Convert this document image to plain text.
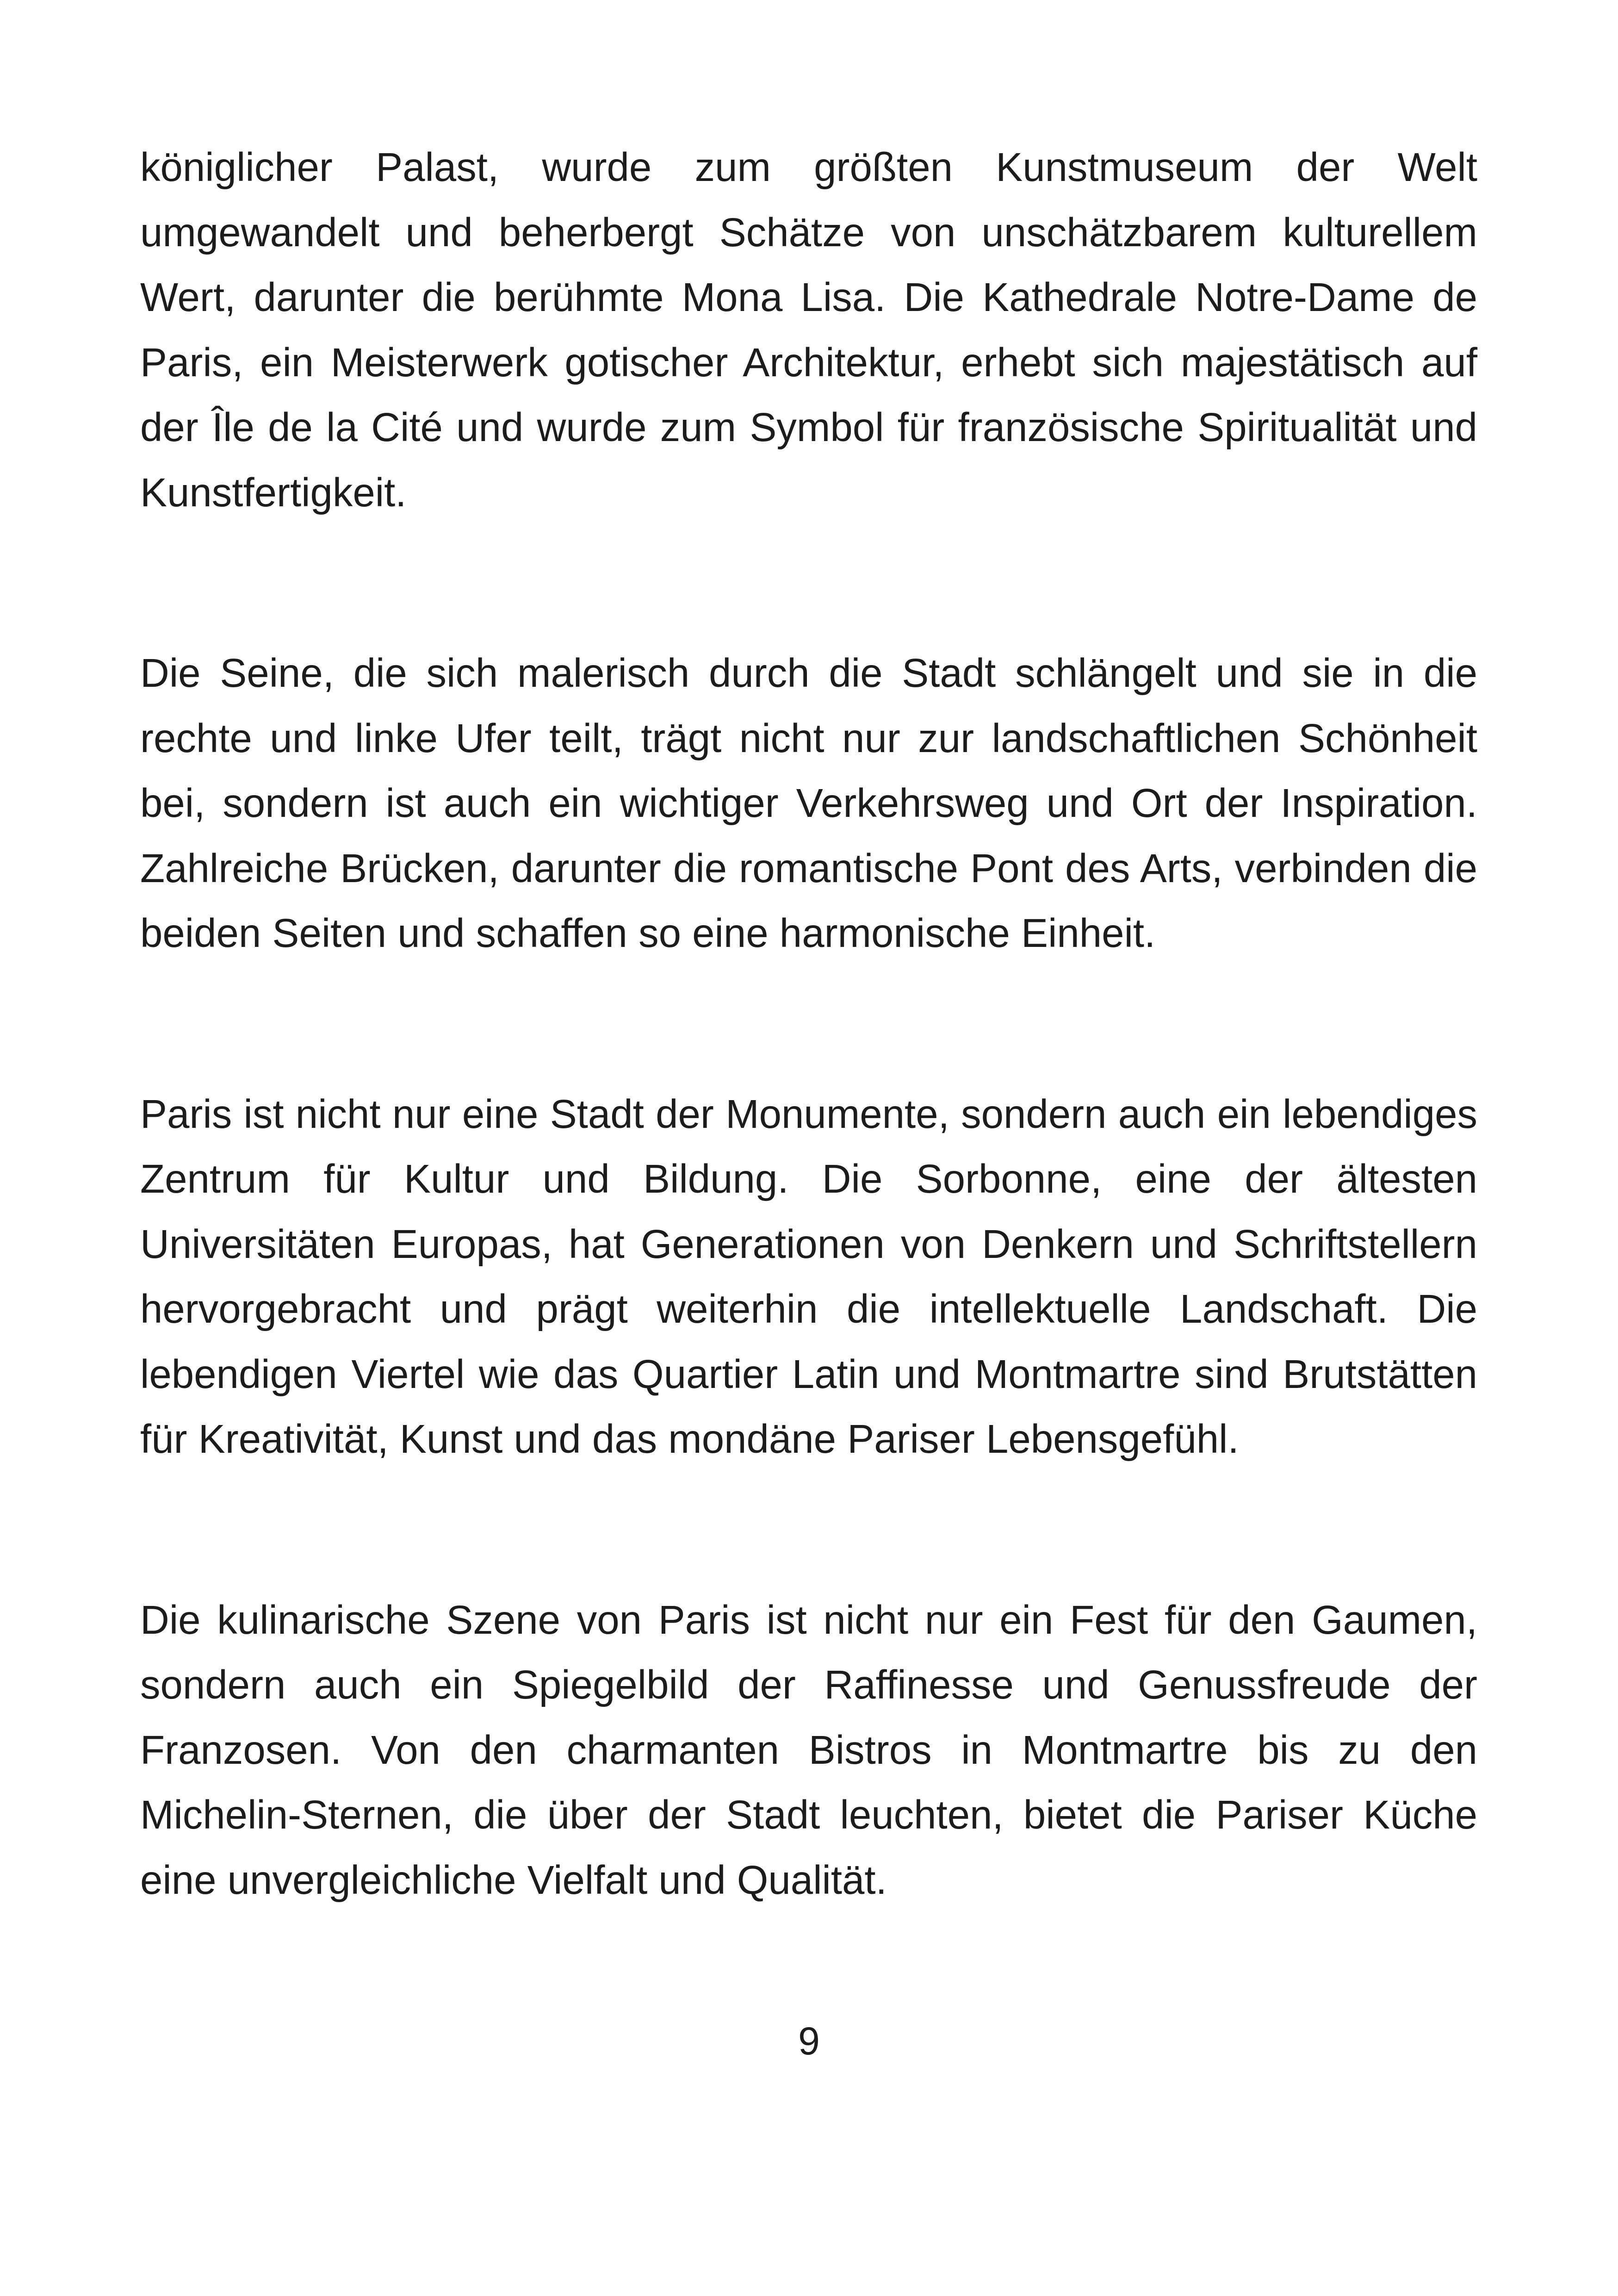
königlicher Palast, wurde zum größten Kunstmuseum der Welt umgewandelt und beherbergt Schätze von unschätzbarem kulturellem Wert, darunter die berühmte Mona Lisa. Die Kathedrale Notre-Dame de Paris, ein Meisterwerk gotischer Architektur, erhebt sich majestätisch auf der Île de la Cité und wurde zum Symbol für französische Spiritualität und Kunstfertigkeit.

Die Seine, die sich malerisch durch die Stadt schlängelt und sie in die rechte und linke Ufer teilt, trägt nicht nur zur landschaftlichen Schönheit bei, sondern ist auch ein wichtiger Verkehrsweg und Ort der Inspiration. Zahlreiche Brücken, darunter die romantische Pont des Arts, verbinden die beiden Seiten und schaffen so eine harmonische Einheit.

Paris ist nicht nur eine Stadt der Monumente, sondern auch ein lebendiges Zentrum für Kultur und Bildung. Die Sorbonne, eine der ältesten Universitäten Europas, hat Generationen von Denkern und Schriftstellern hervorgebracht und prägt weiterhin die intellektuelle Landschaft. Die lebendigen Viertel wie das Quartier Latin und Montmartre sind Brutstätten für Kreativität, Kunst und das mondäne Pariser Lebensgefühl.

Die kulinarische Szene von Paris ist nicht nur ein Fest für den Gaumen, sondern auch ein Spiegelbild der Raffinesse und Genussfreude der Franzosen. Von den charmanten Bistros in Montmartre bis zu den Michelin-Sternen, die über der Stadt leuchten, bietet die Pariser Küche eine unvergleichliche Vielfalt und Qualität.

9
